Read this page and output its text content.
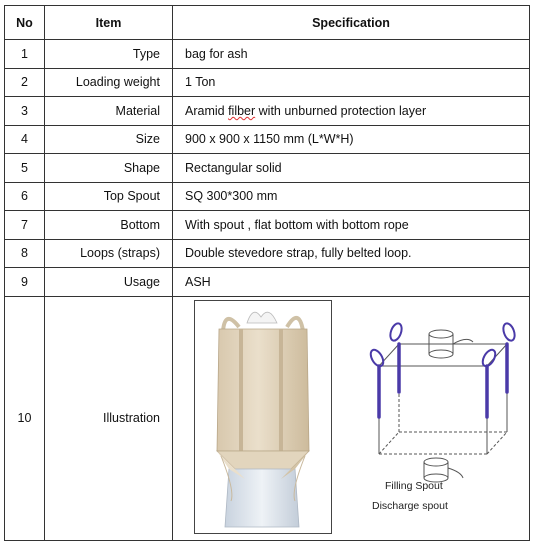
No	Item	Specification
1	Type	bag for ash
2	Loading weight	1 Ton
3	Material	Aramid filber with unburned protection layer
4	Size	900 x 900 x 1150 mm (L*W*H)
5	Shape	Rectangular solid
6	Top Spout	SQ 300*300 mm
7	Bottom	With spout , flat bottom with bottom rope
8	Loops (straps)	Double stevedore strap, fully belted loop.
9	Usage	ASH
10	Illustration	Filling Spout
Discharge spout
